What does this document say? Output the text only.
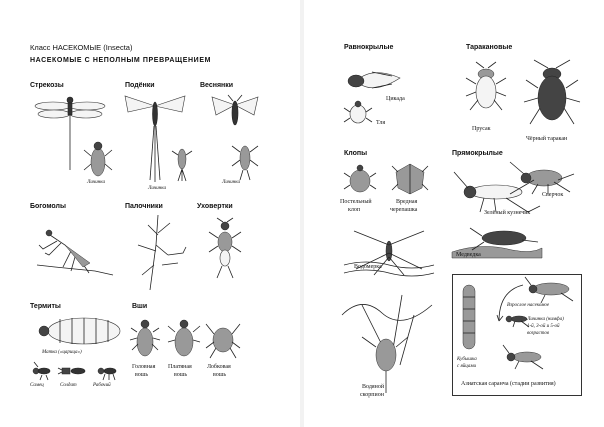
Класс НАСЕКОМЫЕ (Insecta)
НАСЕКОМЫЕ С НЕПОЛНЫМ ПРЕВРАЩЕНИЕМ
Стрекозы	Подёнки	Веснянки
Личинка
Личинка
Личинка
Богомолы	Палочники	Уховертки
Термиты	Вши
Матка («царица»)
Самец	Солдат	Рабочий
Головная
вошь
Платяная
вошь
Лобковая
вошь
Равнокрылые	Таракановые
Цикада
Тля
Прусак
Чёрный таракан
Клопы	Прямокрылые
Постельный
клоп
Вредная
черепашка
Сверчок
Зелёный кузнечик
Водомерка
Медведка
Водяной
скорпион
Взрослое насекомое
Личинка (нимфа)
1-й, 3-ой и 5-ой
возрастов
Кубышка
с яйцами
Азиатская саранча (стадии развития)
